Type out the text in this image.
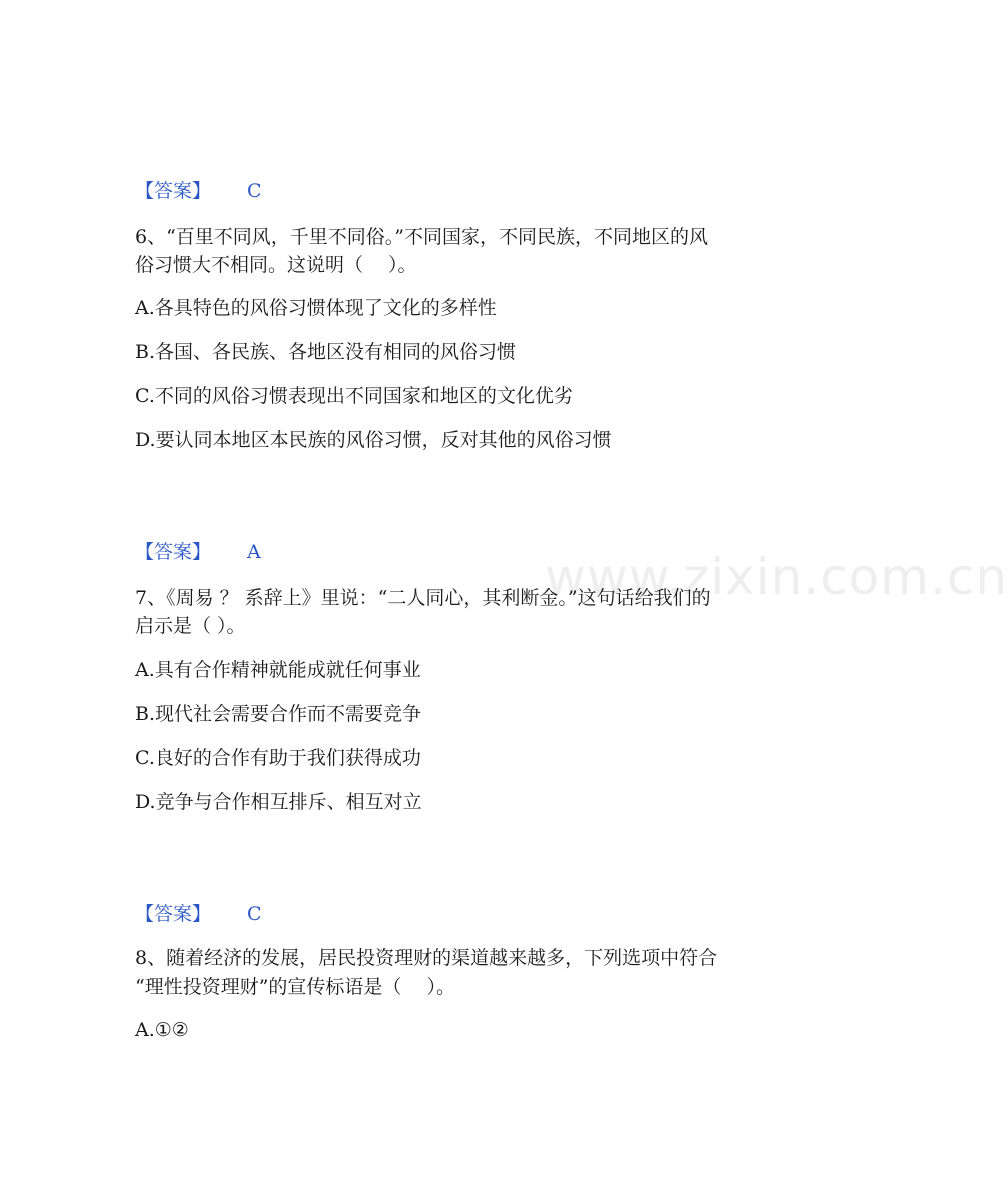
www.zixin.com.cn
【答案】 C
6、“百里不同风，千里不同俗。”不同国家，不同民族，不同地区的风
俗习惯大不相同。这说明（　 ）。
A.各具特色的风俗习惯体现了文化的多样性
B.各国、各民族、各地区没有相同的风俗习惯
C.不同的风俗习惯表现出不同国家和地区的文化优劣
D.要认同本地区本民族的风俗习惯，反对其他的风俗习惯
【答案】 A
7、《周易 ？ 系辞上》里说：“二人同心，其利断金。”这句话给我们的
启示是（ ）。
A.具有合作精神就能成就任何事业
B.现代社会需要合作而不需要竞争
C.良好的合作有助于我们获得成功
D.竞争与合作相互排斥、相互对立
【答案】 C
8、随着经济的发展，居民投资理财的渠道越来越多，下列选项中符合
“理性投资理财”的宣传标语是（　 ）。
A.①②
